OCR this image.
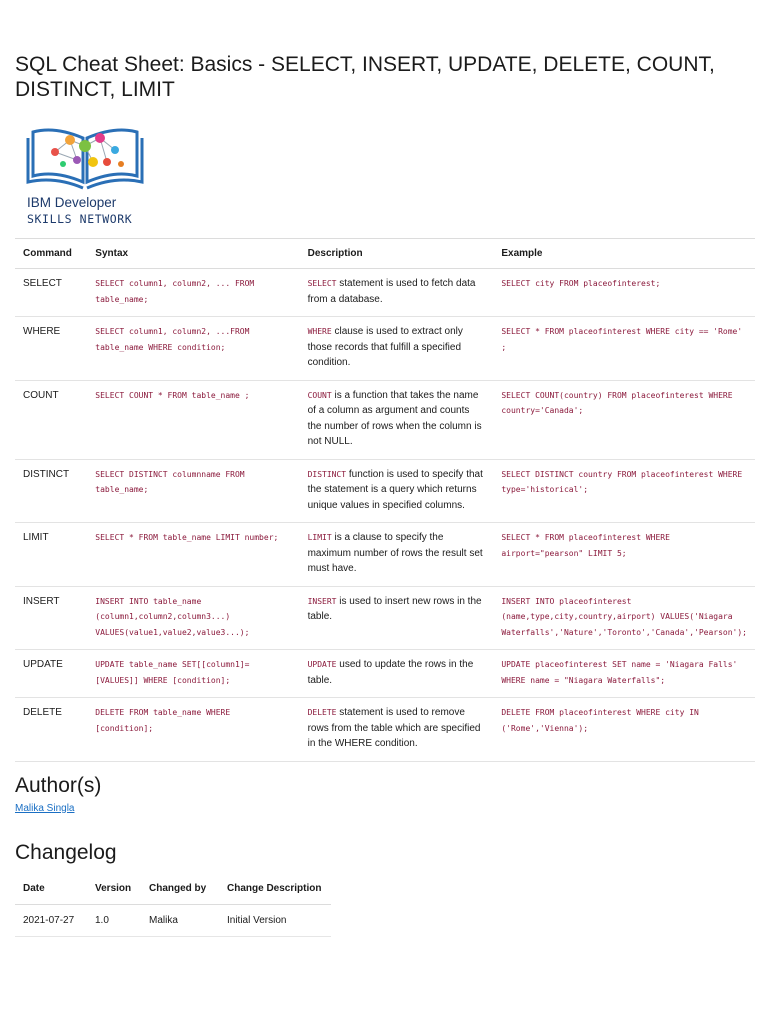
SQL Cheat Sheet: Basics - SELECT, INSERT, UPDATE, DELETE, COUNT, DISTINCT, LIMIT
IBM Developer
SKILLS NETWORK
Command	Syntax	Description	Example
SELECT	SELECT column1, column2, ... FROM table_name;	SELECT statement is used to fetch data from a database.	SELECT city FROM placeofinterest;
WHERE	SELECT column1, column2, ...FROM table_name WHERE condition;	WHERE clause is used to extract only those records that fulfill a specified condition.	SELECT * FROM placeofinterest WHERE city == 'Rome' ;
COUNT	SELECT COUNT * FROM table_name ;	COUNT is a function that takes the name of a column as argument and counts the number of rows when the column is not NULL.	SELECT COUNT(country) FROM placeofinterest WHERE country='Canada';
DISTINCT	SELECT DISTINCT columnname FROM table_name;	DISTINCT function is used to specify that the statement is a query which returns unique values in specified columns.	SELECT DISTINCT country FROM placeofinterest WHERE type='historical';
LIMIT	SELECT * FROM table_name LIMIT number;	LIMIT is a clause to specify the maximum number of rows the result set must have.	SELECT * FROM placeofinterest WHERE airport="pearson" LIMIT 5;
INSERT	INSERT INTO table_name (column1,column2,column3...) VALUES(value1,value2,value3...);	INSERT is used to insert new rows in the table.	INSERT INTO placeofinterest (name,type,city,country,airport) VALUES('Niagara Waterfalls','Nature','Toronto','Canada','Pearson');
UPDATE	UPDATE table_name SET[[column1]=[VALUES]] WHERE [condition];	UPDATE used to update the rows in the table.	UPDATE placeofinterest SET name = 'Niagara Falls' WHERE name = "Niagara Waterfalls";
DELETE	DELETE FROM table_name WHERE [condition];	DELETE statement is used to remove rows from the table which are specified in the WHERE condition.	DELETE FROM placeofinterest WHERE city IN ('Rome','Vienna');
Author(s)
Malika Singla
Changelog
Date	Version	Changed by	Change Description
2021-07-27	1.0	Malika	Initial Version
